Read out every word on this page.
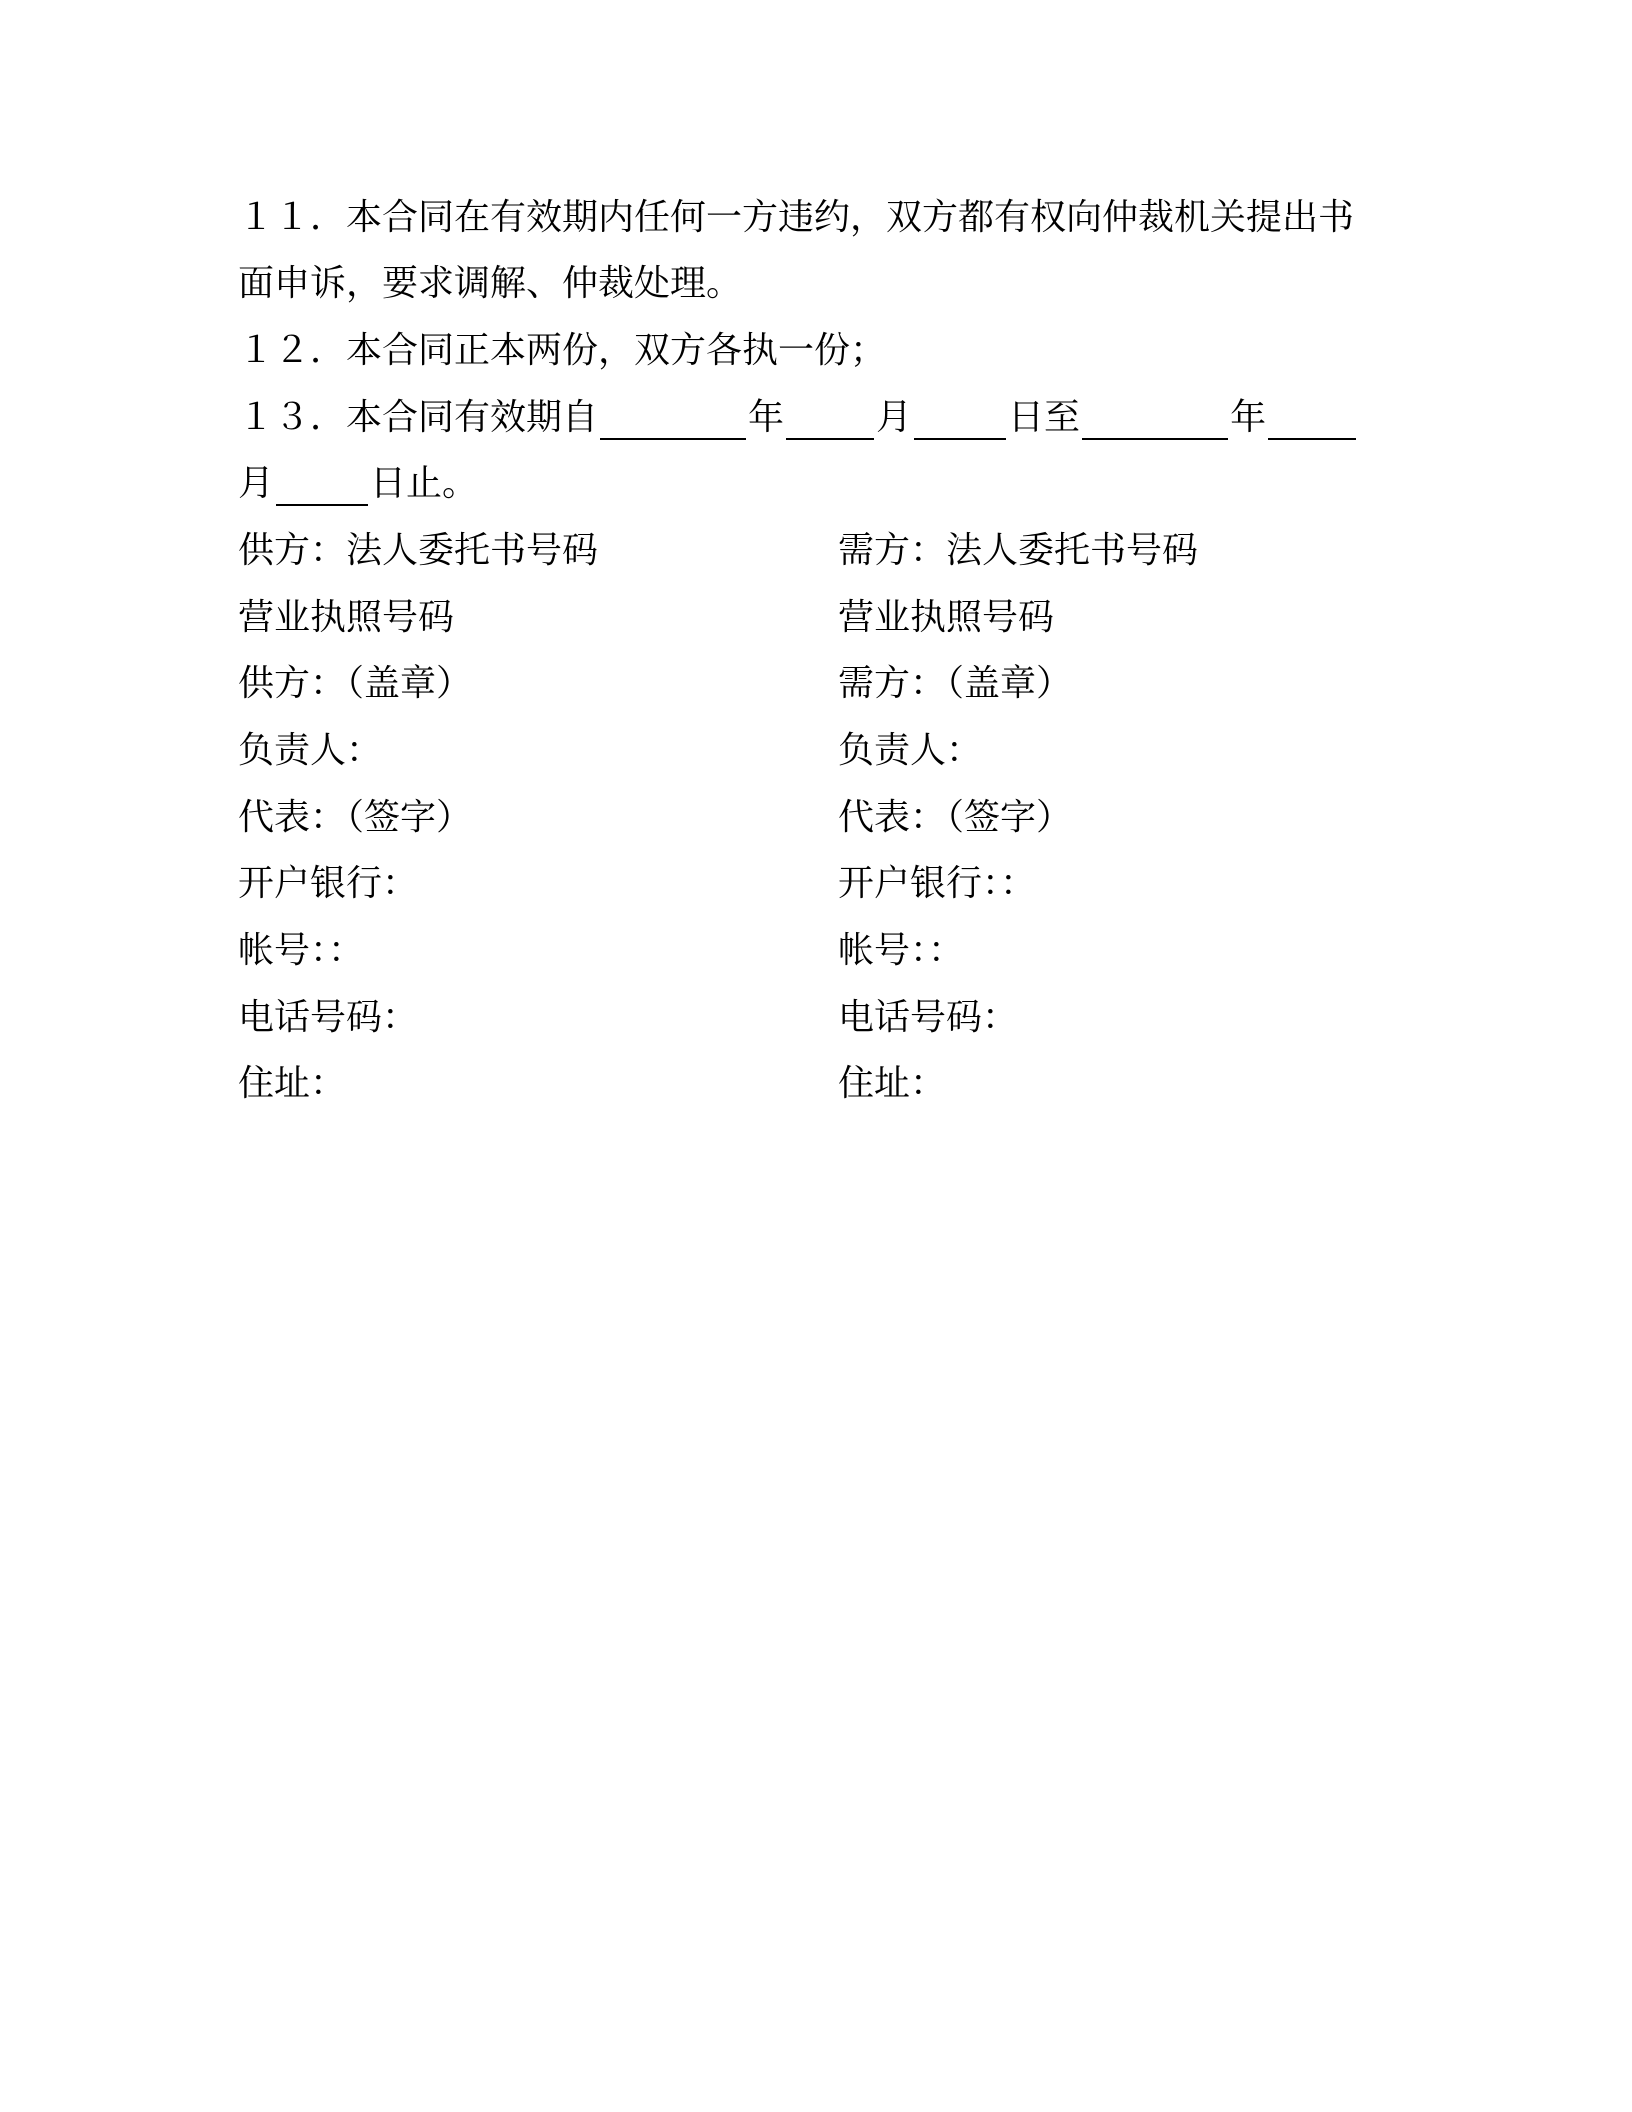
１１．本合同在有效期内任何一方违约，双方都有权向仲裁机关提出书
面申诉，要求调解、仲裁处理。
１２．本合同正本两份，双方各执一份；
１３．本合同有效期自	年	月	日至	年
月	日止。
供方：法人委托书号码	需方：法人委托书号码
营业执照号码	营业执照号码
供方：（盖章）	需方：（盖章）
负责人：	负责人：
代表：（签字）	代表：（签字）
开户银行：	开户银行：：
帐号：：	帐号：：
电话号码：	电话号码：
住址：	住址：
